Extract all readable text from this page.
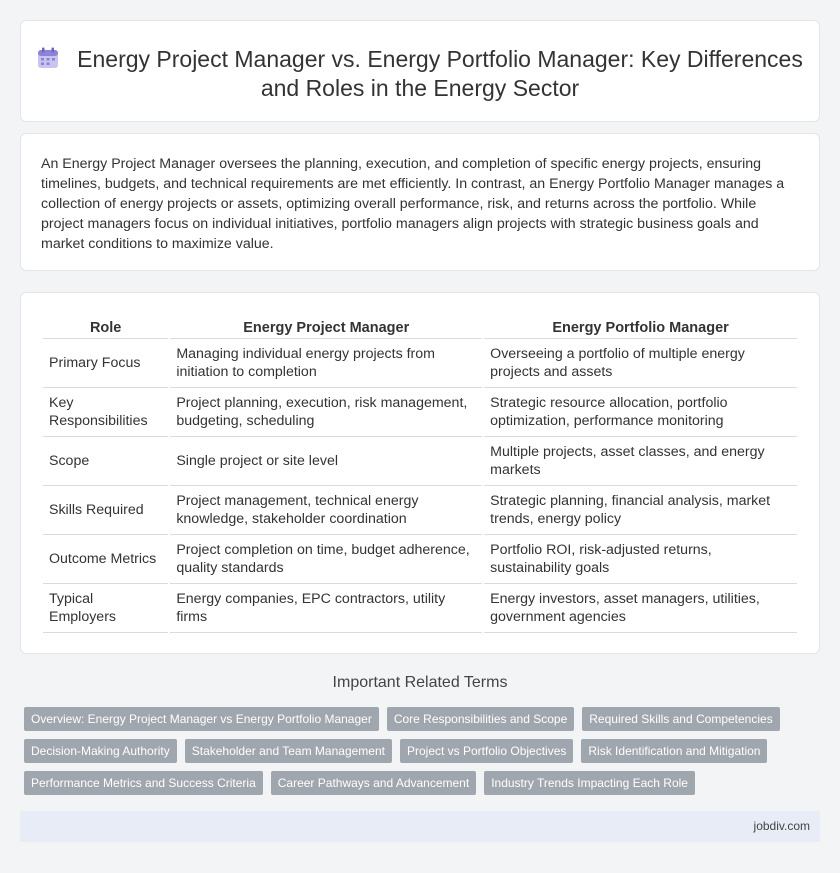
Energy Project Manager vs. Energy Portfolio Manager: Key Differences and Roles in the Energy Sector

An Energy Project Manager oversees the planning, execution, and completion of specific energy projects, ensuring timelines, budgets, and technical requirements are met efficiently. In contrast, an Energy Portfolio Manager manages a collection of energy projects or assets, optimizing overall performance, risk, and returns across the portfolio. While project managers focus on individual initiatives, portfolio managers align projects with strategic business goals and market conditions to maximize value.

Role	Energy Project Manager	Energy Portfolio Manager
Primary Focus	Managing individual energy projects from initiation to completion	Overseeing a portfolio of multiple energy projects and assets
Key Responsibilities	Project planning, execution, risk management, budgeting, scheduling	Strategic resource allocation, portfolio optimization, performance monitoring
Scope	Single project or site level	Multiple projects, asset classes, and energy markets
Skills Required	Project management, technical energy knowledge, stakeholder coordination	Strategic planning, financial analysis, market trends, energy policy
Outcome Metrics	Project completion on time, budget adherence, quality standards	Portfolio ROI, risk-adjusted returns, sustainability goals
Typical Employers	Energy companies, EPC contractors, utility firms	Energy investors, asset managers, utilities, government agencies
Important Related Terms
Overview: Energy Project Manager vs Energy Portfolio Manager	Core Responsibilities and Scope	Required Skills and Competencies
Decision-Making Authority	Stakeholder and Team Management	Project vs Portfolio Objectives	Risk Identification and Mitigation
Performance Metrics and Success Criteria	Career Pathways and Advancement	Industry Trends Impacting Each Role
jobdiv.com
